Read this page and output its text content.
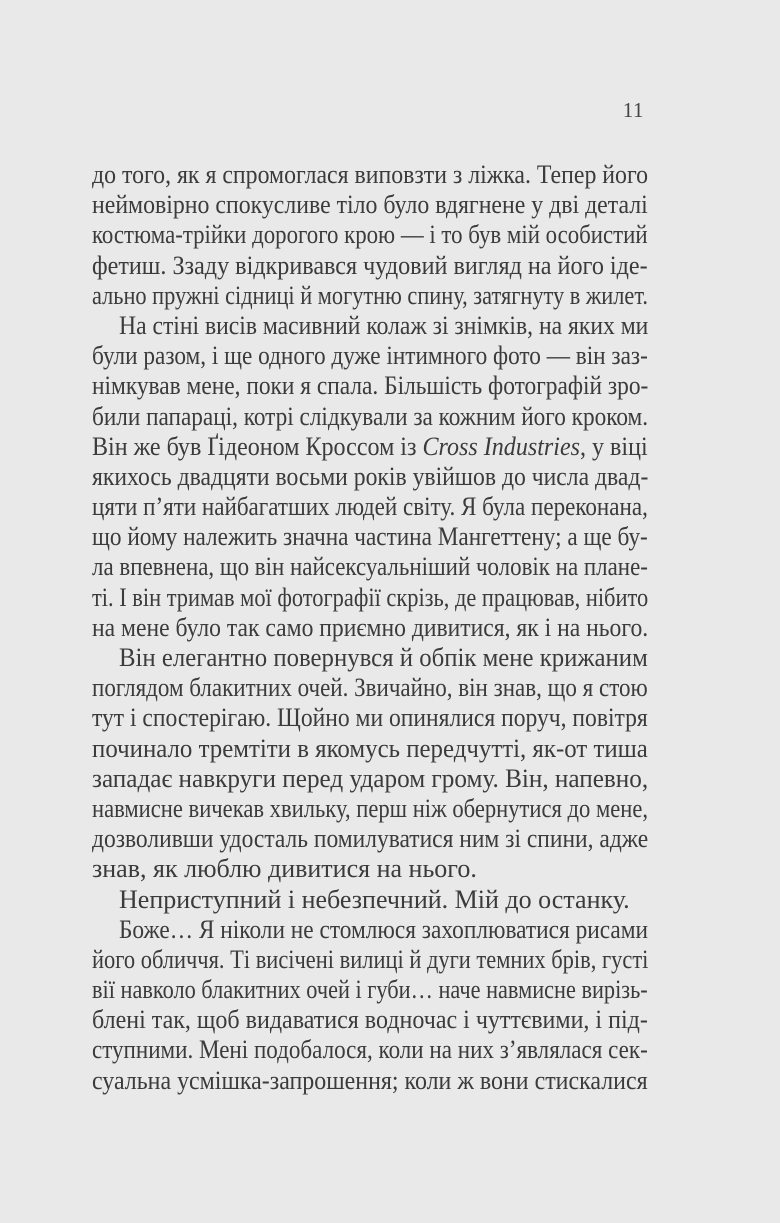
11
до того, як я спромоглася виповзти з ліжка. Тепер його
неймовірно спокусливе тіло було вдягнене у дві деталі
костюма-трійки дорогого крою — і то був мій особистий
фетиш. Ззаду відкривався чудовий вигляд на його іде-
ально пружні сідниці й могутню спину, затягнуту в жилет.
На стіні висів масивний колаж зі знімків, на яких ми
були разом, і ще одного дуже інтимного фото — він заз-
німкував мене, поки я спала. Більшість фотографій зро-
били папараці, котрі слідкували за кожним його кроком.
Він же був Ґідеоном Кроссом із Cross Industries, у віці
якихось двадцяти восьми років увійшов до числа двад-
цяти п’яти найбагатших людей світу. Я була переконана,
що йому належить значна частина Мангеттену; а ще бу-
ла впевнена, що він найсексуальніший чоловік на плане-
ті. І він тримав мої фотографії скрізь, де працював, нібито
на мене було так само приємно дивитися, як і на нього.
Він елегантно повернувся й обпік мене крижаним
поглядом блакитних очей. Звичайно, він знав, що я стою
тут і спостерігаю. Щойно ми опинялися поруч, повітря
починало тремтіти в якомусь передчутті, як-от тиша
западає навкруги перед ударом грому. Він, напевно,
навмисне вичекав хвильку, перш ніж обернутися до мене,
дозволивши удосталь помилуватися ним зі спини, адже
знав, як люблю дивитися на нього.
Неприступний і небезпечний. Мій до останку.
Боже… Я ніколи не стомлюся захоплюватися рисами
його обличчя. Ті висічені вилиці й дуги темних брів, густі
вії навколо блакитних очей і губи… наче навмисне вирізь-
блені так, щоб видаватися водночас і чуттєвими, і під-
ступними. Мені подобалося, коли на них з’являлася сек-
суальна усмішка-запрошення; коли ж вони стискалися
